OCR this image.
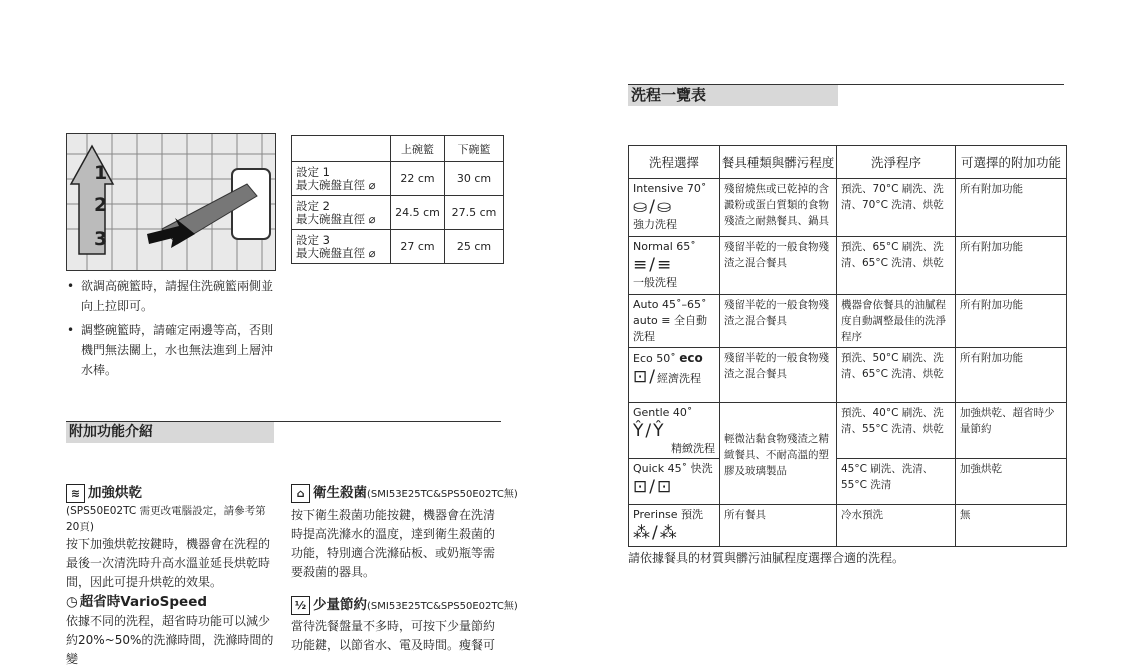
1
2
3
	上碗籃	下碗籃
設定 1
最大碗盤直徑 ⌀	22 cm	30 cm
設定 2
最大碗盤直徑 ⌀	24.5 cm	27.5 cm
設定 3
最大碗盤直徑 ⌀	27 cm	25 cm
• 欲調高碗籃時，請握住洗碗籃兩側並向上拉即可。
• 調整碗籃時，請確定兩邊等高，否則機門無法關上，水也無法進到上層沖水棒。
附加功能介紹
≋ 加強烘乾
(SPS50E02TC 需更改電腦設定，請參考第20頁)
按下加強烘乾按鍵時，機器會在洗程的最後一次清洗時升高水溫並延長烘乾時間，因此可提升烘乾的效果。
⌂ 衛生殺菌(SMI53E25TC&SPS50E02TC無)
按下衛生殺菌功能按鍵，機器會在洗清時提高洗滌水的溫度，達到衛生殺菌的功能，特別適合洗滌砧板、或奶瓶等需要殺菌的器具。
◷ 超省時VarioSpeed
依據不同的洗程，超省時功能可以減少約20%~50%的洗滌時間，洗滌時間的變
½ 少量節約(SMI53E25TC&SPS50E02TC無)
當待洗餐盤量不多時，可按下少量節約功能鍵，以節省水、電及時間。瘦餐可
洗程一覽表
洗程選擇	餐具種類與髒污程度	洗淨程序	可選擇的附加功能

Intensive 70˚
⛀/⛀
強力洗程	殘留燒焦或已乾掉的含澱粉或蛋白質類的食物殘渣之耐熱餐具、鍋具	預洗、70°C 刷洗、洗清、70°C 洗清、烘乾	所有附加功能

Normal 65˚
≡/≡
一般洗程	殘留半乾的一般食物殘渣之混合餐具	預洗、65°C 刷洗、洗清、65°C 洗清、烘乾	所有附加功能

Auto 45˚–65˚
auto ≡ 全自動洗程	殘留半乾的一般食物殘渣之混合餐具	機器會依餐具的油膩程度自動調整最佳的洗淨程序	所有附加功能

Eco 50˚ eco
⊡/經濟洗程	殘留半乾的一般食物殘渣之混合餐具	預洗、50°C 刷洗、洗清、65°C 洗清、烘乾	所有附加功能

Gentle 40˚
Ŷ/Ŷ
精緻洗程	輕微沾黏食物殘渣之精緻餐具、不耐高溫的塑膠及玻璃製品	預洗、40°C 刷洗、洗清、55°C 洗清、烘乾	加強烘乾、超省時少量節約

Quick 45˚ 快洗
⊡/⊡		45°C 刷洗、洗清、55°C 洗清	加強烘乾

Prerinse 預洗
⁂/⁂	所有餐具	冷水預洗	無
請依據餐具的材質與髒污油膩程度選擇合適的洗程。
